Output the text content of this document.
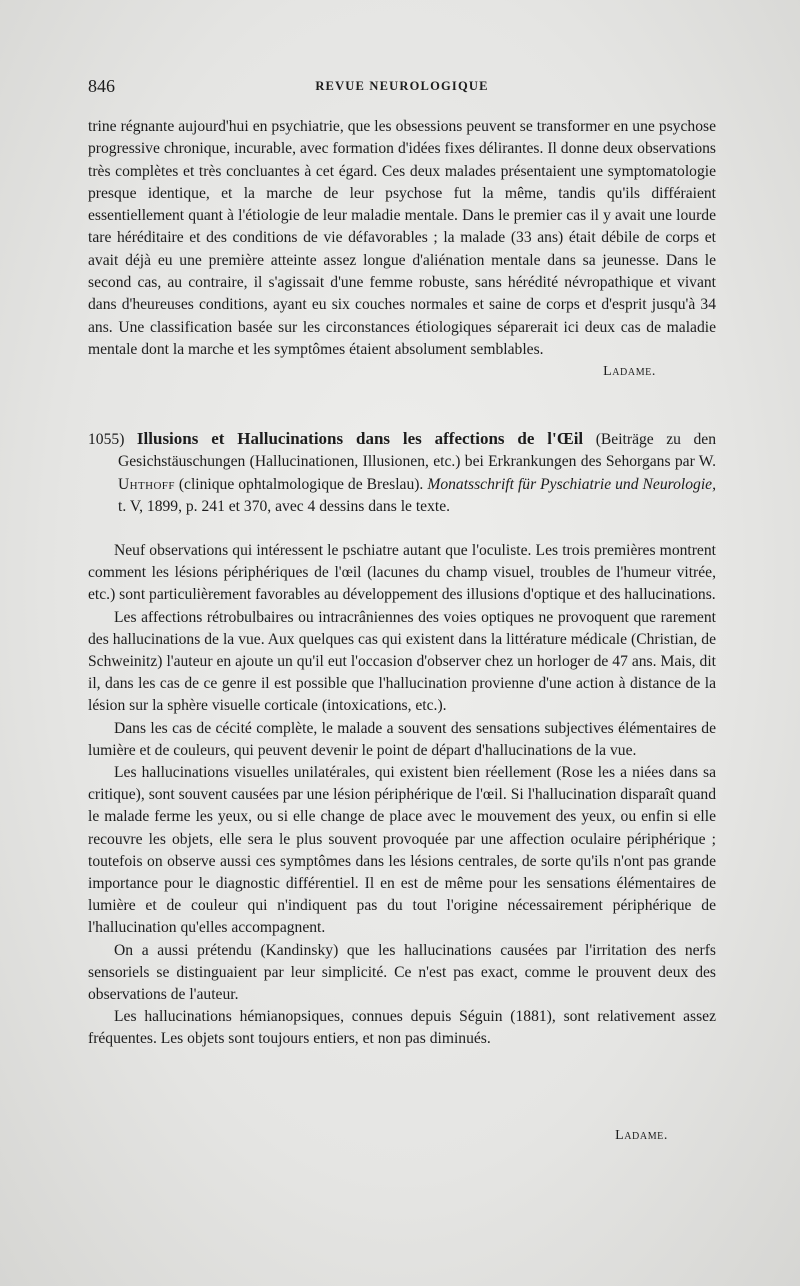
846	REVUE NEUROLOGIQUE

trine régnante aujourd'hui en psychiatrie, que les obsessions peuvent se transformer en une psychose progressive chronique, incurable, avec formation d'idées fixes délirantes. Il donne deux observations très complètes et très concluantes à cet égard. Ces deux malades présentaient une symptomatologie presque identique, et la marche de leur psychose fut la même, tandis qu'ils différaient essentiellement quant à l'étiologie de leur maladie mentale. Dans le premier cas il y avait une lourde tare héréditaire et des conditions de vie défavorables ; la malade (33 ans) était débile de corps et avait déjà eu une première atteinte assez longue d'aliénation mentale dans sa jeunesse. Dans le second cas, au contraire, il s'agissait d'une femme robuste, sans hérédité névropathique et vivant dans d'heureuses conditions, ayant eu six couches normales et saine de corps et d'esprit jusqu'à 34 ans. Une classification basée sur les circonstances étiologiques séparerait ici deux cas de maladie mentale dont la marche et les symptômes étaient absolument semblables.
Ladame.

1055) Illusions et Hallucinations dans les affections de l'Œil (Beiträge zu den Gesichstäuschungen (Hallucinationen, Illusionen, etc.) bei Erkrankungen des Sehorgans par W. Uhthoff (clinique ophtalmologique de Breslau). Monatsschrift für Pyschiatrie und Neurologie, t. V, 1899, p. 241 et 370, avec 4 dessins dans le texte.

Neuf observations qui intéressent le pschiatre autant que l'oculiste. Les trois premières montrent comment les lésions périphériques de l'œil (lacunes du champ visuel, troubles de l'humeur vitrée, etc.) sont particulièrement favorables au développement des illusions d'optique et des hallucinations.

Les affections rétrobulbaires ou intracrâniennes des voies optiques ne provoquent que rarement des hallucinations de la vue. Aux quelques cas qui existent dans la littérature médicale (Christian, de Schweinitz) l'auteur en ajoute un qu'il eut l'occasion d'observer chez un horloger de 47 ans. Mais, dit il, dans les cas de ce genre il est possible que l'hallucination provienne d'une action à distance de la lésion sur la sphère visuelle corticale (intoxications, etc.).

Dans les cas de cécité complète, le malade a souvent des sensations subjectives élémentaires de lumière et de couleurs, qui peuvent devenir le point de départ d'hallucinations de la vue.

Les hallucinations visuelles unilatérales, qui existent bien réellement (Rose les a niées dans sa critique), sont souvent causées par une lésion périphérique de l'œil. Si l'hallucination disparaît quand le malade ferme les yeux, ou si elle change de place avec le mouvement des yeux, ou enfin si elle recouvre les objets, elle sera le plus souvent provoquée par une affection oculaire périphérique ; toutefois on observe aussi ces symptômes dans les lésions centrales, de sorte qu'ils n'ont pas grande importance pour le diagnostic différentiel. Il en est de même pour les sensations élémentaires de lumière et de couleur qui n'indiquent pas du tout l'origine nécessairement périphérique de l'hallucination qu'elles accompagnent.

On a aussi prétendu (Kandinsky) que les hallucinations causées par l'irritation des nerfs sensoriels se distinguaient par leur simplicité. Ce n'est pas exact, comme le prouvent deux des observations de l'auteur.

Les hallucinations hémianopsiques, connues depuis Séguin (1881), sont relativement assez fréquentes. Les objets sont toujours entiers, et non pas diminués.

Ladame.
